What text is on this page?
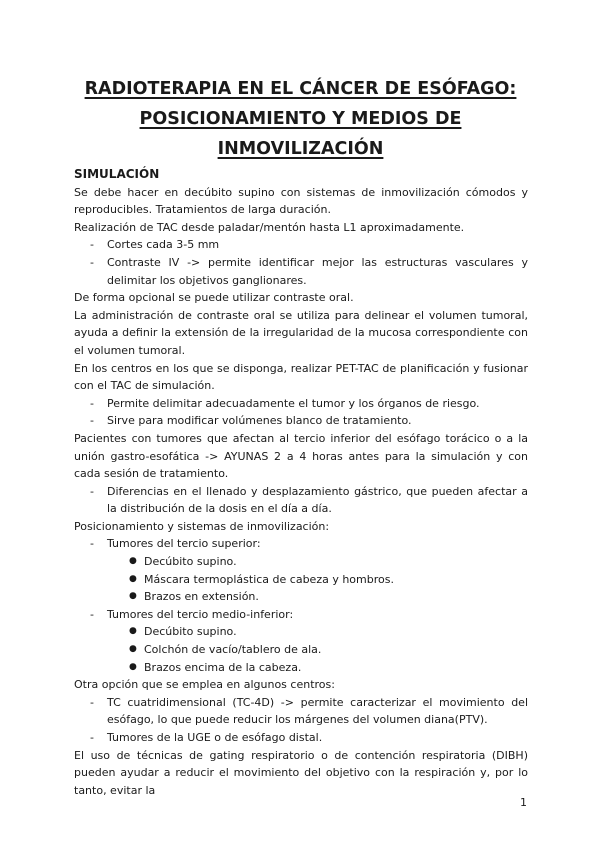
RADIOTERAPIA EN EL CÁNCER DE ESÓFAGO:
POSICIONAMIENTO Y MEDIOS DE
INMOVILIZACIÓN
SIMULACIÓN
Se debe hacer en decúbito supino con sistemas de inmovilización cómodos y reproducibles. Tratamientos de larga duración.
Realización de TAC desde paladar/mentón hasta L1 aproximadamente.
- Cortes cada 3-5 mm
- Contraste IV -> permite identificar mejor las estructuras vasculares y delimitar los objetivos ganglionares.
De forma opcional se puede utilizar contraste oral.
La administración de contraste oral se utiliza para delinear el volumen tumoral, ayuda a definir la extensión de la irregularidad de la mucosa correspondiente con el volumen tumoral.
En los centros en los que se disponga, realizar PET-TAC de planificación y fusionar con el TAC de simulación.
- Permite delimitar adecuadamente el tumor y los órganos de riesgo.
- Sirve para modificar volúmenes blanco de tratamiento.
Pacientes con tumores que afectan al tercio inferior del esófago torácico o a la unión gastro-esofática -> AYUNAS 2 a 4 horas antes para la simulación y con cada sesión de tratamiento.
- Diferencias en el llenado y desplazamiento gástrico, que pueden afectar a la distribución de la dosis en el día a día.
Posicionamiento y sistemas de inmovilización:
- Tumores del tercio superior:
● Decúbito supino.
● Máscara termoplástica de cabeza y hombros.
● Brazos en extensión.
- Tumores del tercio medio-inferior:
● Decúbito supino.
● Colchón de vacío/tablero de ala.
● Brazos encima de la cabeza.
Otra opción que se emplea en algunos centros:
- TC cuatridimensional (TC-4D) -> permite caracterizar el movimiento del esófago, lo que puede reducir los márgenes del volumen diana(PTV).
- Tumores de la UGE o de esófago distal.
El uso de técnicas de gating respiratorio o de contención respiratoria (DIBH) pueden ayudar a reducir el movimiento del objetivo con la respiración y, por lo tanto, evitar la
1
